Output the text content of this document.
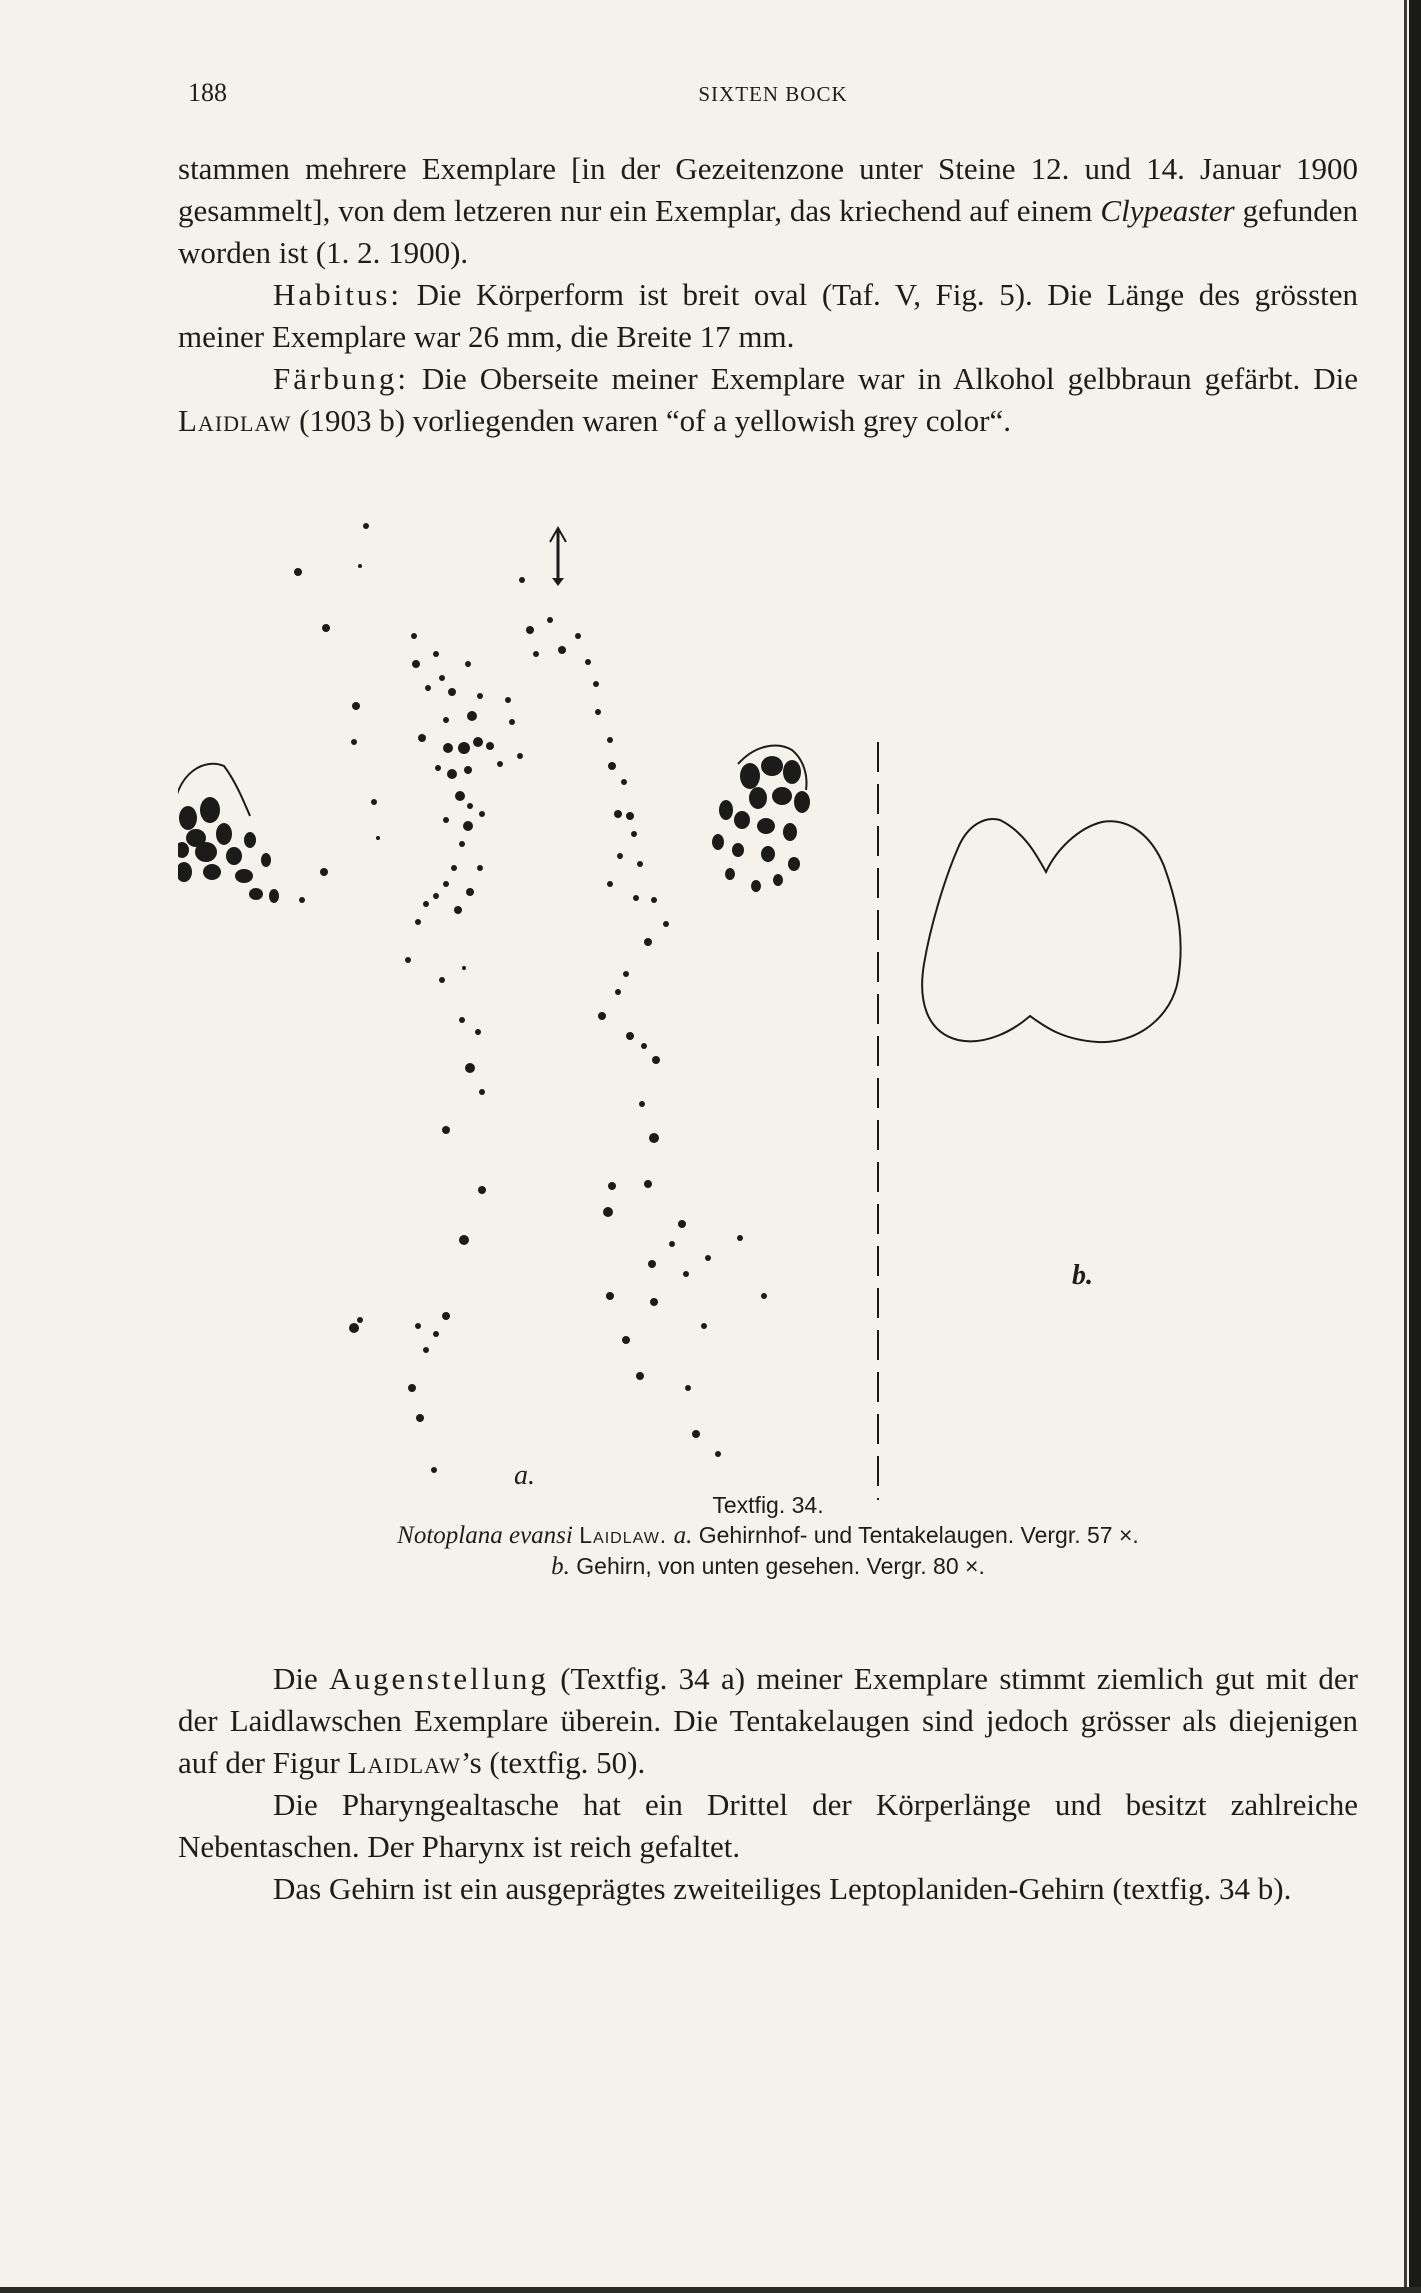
188	SIXTEN BOCK

stammen mehrere Exemplare [in der Gezeitenzone unter Steine 12. und 14. Januar 1900 gesammelt], von dem letzeren nur ein Exemplar, das kriechend auf einem Clypeaster gefunden worden ist (1. 2. 1900).

Habitus: Die Körperform ist breit oval (Taf. V, Fig. 5). Die Länge des grössten meiner Exemplare war 26 mm, die Breite 17 mm.

Färbung: Die Oberseite meiner Exemplare war in Alkohol gelbbraun gefärbt. Die Laidlaw (1903 b) vorliegenden waren “of a yellowish grey color“.

a.
b.
Textfig. 34.
Notoplana evansi Laidlaw. a. Gehirnhof- und Tentakelaugen. Vergr. 57 ×.
b. Gehirn, von unten gesehen. Vergr. 80 ×.

Die Augenstellung (Textfig. 34 a) meiner Exemplare stimmt ziemlich gut mit der der Laidlawschen Exemplare überein. Die Tentakelaugen sind jedoch grösser als diejenigen auf der Figur Laidlaw’s (textfig. 50).

Die Pharyngealtasche hat ein Drittel der Körperlänge und besitzt zahlreiche Nebentaschen. Der Pharynx ist reich gefaltet.

Das Gehirn ist ein ausgeprägtes zweiteiliges Leptoplaniden-Gehirn (textfig. 34 b).
